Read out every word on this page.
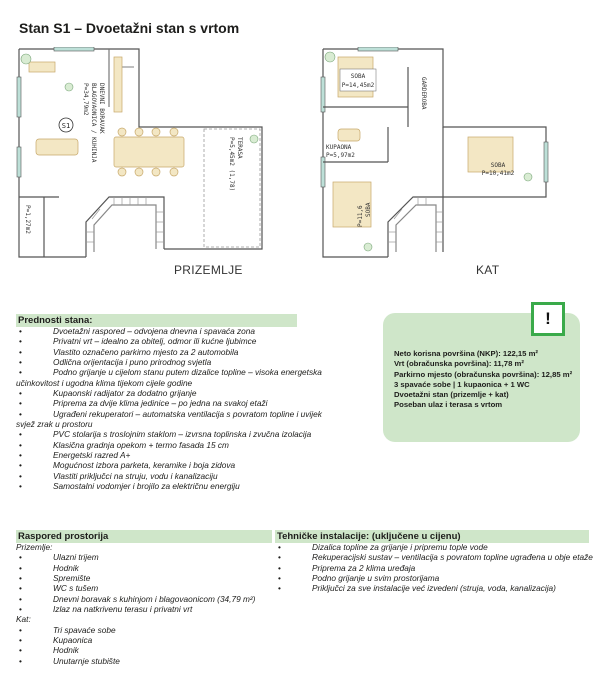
Stan S1 – Dvoetažni stan s vrtom
S1	DNEVNI BORAVAK
BLAGOVAONICA / KUHINJA
P=34,79m2
TERASA
P=5,45m2 (1,78)
P=1,27m2
PRIZEMLJE
SOBA
P=14,45m2	GARDEROBA
KUPAONA
P=5,97m2
SOBA
P=10,41m2
SOBA
P=11,6
KAT
Prednosti stana:
• Dvoetažni raspored – odvojena dnevna i spavaća zona
• Privatni vrt – idealno za obitelj, odmor ili kućne ljubimce
• Vlastito označeno parkirno mjesto za 2 automobila
• Odlična orijentacija i puno prirodnog svjetla
• Podno grijanje u cijelom stanu putem dizalice topline – visoka energetska
učinkovitost i ugodna klima tijekom cijele godine
• Kupaonski radijator za dodatno grijanje
• Priprema za dvije klima jedinice – po jedna na svakoj etaži
• Ugrađeni rekuperatori – automatska ventilacija s povratom topline i uvijek
svjež zrak u prostoru
• PVC stolarija s troslojnim staklom – izvrsna toplinska i zvučna izolacija
• Klasična gradnja opekom + termo fasada 15 cm
• Energetski razred A+
• Mogućnost izbora parketa, keramike i boja zidova
• Vlastiti priključci na struju, vodu i kanalizaciju
• Samostalni vodomjer i brojilo za električnu energiju
!
Neto korisna površina (NKP): 122,15 m²
Vrt (obračunska površina): 11,78 m²
Parkirno mjesto (obračunska površina): 12,85 m²
3 spavaće sobe | 1 kupaonica + 1 WC
Dvoetažni stan (prizemlje + kat)
Poseban ulaz i terasa s vrtom
Raspored prostorija
Prizemlje:
• Ulazni trijem
• Hodnik
• Spremište
• WC s tušem
• Dnevni boravak s kuhinjom i blagovaonicom (34,79 m²)
• Izlaz na natkrivenu terasu i privatni vrt
Kat:
• Tri spavaće sobe
• Kupaonica
• Hodnik
• Unutarnje stubište
Tehničke instalacije: (uključene u cijenu)
• Dizalica topline za grijanje i pripremu tople vode
• Rekuperacijski sustav – ventilacija s povratom topline ugrađena u obje etaže
• Priprema za 2 klima uređaja
• Podno grijanje u svim prostorijama
• Priključci za sve instalacije već izvedeni (struja, voda, kanalizacija)
